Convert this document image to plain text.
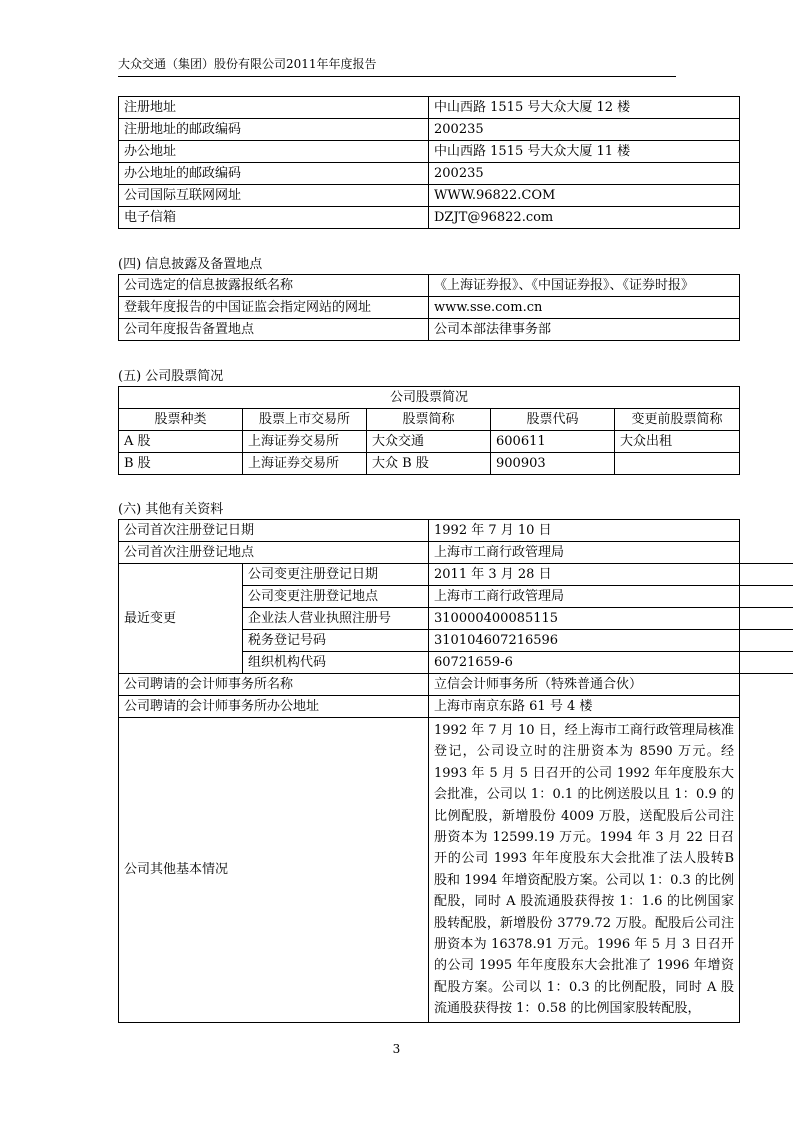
大众交通（集团）股份有限公司2011年年度报告
注册地址	中山西路 1515 号大众大厦 12 楼
注册地址的邮政编码	200235
办公地址	中山西路 1515 号大众大厦 11 楼
办公地址的邮政编码	200235
公司国际互联网网址	WWW.96822.COM
电子信箱	DZJT@96822.com
(四) 信息披露及备置地点
公司选定的信息披露报纸名称	《上海证券报》、《中国证券报》、《证券时报》
登载年度报告的中国证监会指定网站的网址	www.sse.com.cn
公司年度报告备置地点	公司本部法律事务部
(五) 公司股票简况
公司股票简况				
股票种类	股票上市交易所	股票简称	股票代码	变更前股票简称
A 股	上海证券交易所	大众交通	600611	大众出租
B 股	上海证券交易所	大众 B 股	900903	
(六) 其他有关资料
公司首次注册登记日期		1992 年 7 月 10 日	
公司首次注册登记地点		上海市工商行政管理局	
最近变更	公司变更注册登记日期	2011 年 3 月 28 日	
	公司变更注册登记地点	上海市工商行政管理局	
	企业法人营业执照注册号	310000400085115	
	税务登记号码	310104607216596	
	组织机构代码	60721659-6	
公司聘请的会计师事务所名称		立信会计师事务所（特殊普通合伙）	
公司聘请的会计师事务所办公地址		上海市南京东路 61 号 4 楼	
公司其他基本情况		1992 年 7 月 10 日，经上海市工商行政管理局核准登记，公司设立时的注册资本为 8590 万元。经 1993 年 5 月 5 日召开的公司 1992 年年度股东大会批准，公司以 1：0.1 的比例送股以且 1：0.9 的比例配股，新增股份 4009 万股，送配股后公司注册资本为 12599.19 万元。1994 年 3 月 22 日召开的公司 1993 年年度股东大会批准了法人股转B 股和 1994 年增资配股方案。公司以 1：0.3 的比例配股，同时 A 股流通股获得按 1：1.6 的比例国家股转配股，新增股份 3779.72 万股。配股后公司注册资本为 16378.91 万元。1996 年 5 月 3 日召开的公司 1995 年年度股东大会批准了 1996 年增资配股方案。公司以 1：0.3 的比例配股，同时 A 股流通股获得按 1：0.58 的比例国家股转配股，	
3
